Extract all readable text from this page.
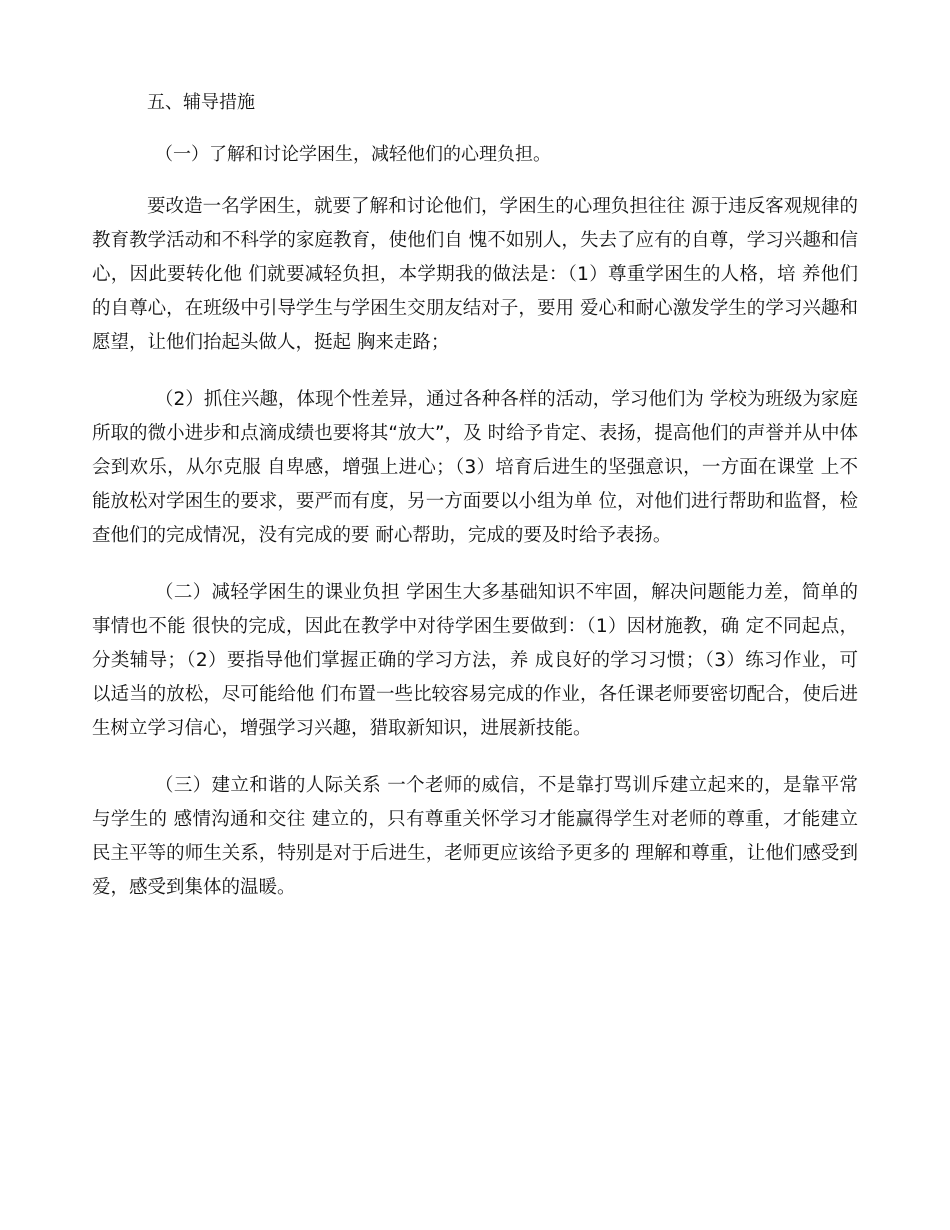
五、辅导措施

（一）了解和讨论学困生，减轻他们的心理负担。

要改造一名学困生，就要了解和讨论他们，学困生的心理负担往往 源于违反客观规律的教育教学活动和不科学的家庭教育，使他们自 愧不如别人，失去了应有的自尊，学习兴趣和信心，因此要转化他 们就要减轻负担，本学期我的做法是：（1）尊重学困生的人格，培 养他们的自尊心，在班级中引导学生与学困生交朋友结对子，要用 爱心和耐心激发学生的学习兴趣和愿望，让他们抬起头做人，挺起 胸来走路；

（2）抓住兴趣，体现个性差异，通过各种各样的活动，学习他们为 学校为班级为家庭所取的微小进步和点滴成绩也要将其“放大”，及 时给予肯定、表扬，提高他们的声誉并从中体会到欢乐，从尔克服 自卑感，增强上进心；（3）培育后进生的坚强意识，一方面在课堂 上不能放松对学困生的要求，要严而有度，另一方面要以小组为单 位，对他们进行帮助和监督，检查他们的完成情况，没有完成的要 耐心帮助，完成的要及时给予表扬。

（二）减轻学困生的课业负担 学困生大多基础知识不牢固，解决问题能力差，简单的事情也不能 很快的完成，因此在教学中对待学困生要做到：（1）因材施教，确 定不同起点，分类辅导；（2）要指导他们掌握正确的学习方法，养 成良好的学习习惯；（3）练习作业，可以适当的放松，尽可能给他 们布置一些比较容易完成的作业，各任课老师要密切配合，使后进 生树立学习信心，增强学习兴趣，猎取新知识，进展新技能。

（三）建立和谐的人际关系 一个老师的威信，不是靠打骂训斥建立起来的，是靠平常与学生的 感情沟通和交往 建立的，只有尊重关怀学习才能赢得学生对老师的尊重，才能建立 民主平等的师生关系，特别是对于后进生，老师更应该给予更多的 理解和尊重，让他们感受到爱，感受到集体的温暖。
